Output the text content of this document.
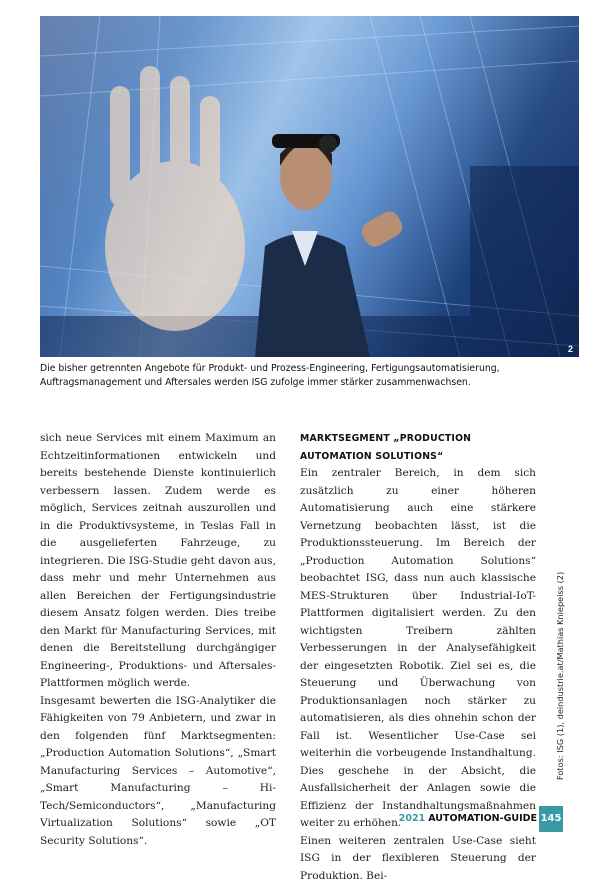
2
Die bisher getrennten Angebote für Produkt- und Prozess-Engineering, Fertigungsautomatisierung, Auftragsmanagement und Aftersales werden ISG zufolge immer stärker zusammenwachsen.

sich neue Services mit einem Maximum an Echtzeitinformationen entwickeln und bereits bestehende Dienste kontinuierlich verbessern lassen. Zudem werde es möglich, Services zeitnah auszurollen und in die Produktivsysteme, in Teslas Fall in die ausgelieferten Fahrzeuge, zu integrieren. Die ISG-Studie geht davon aus, dass mehr und mehr Unternehmen aus allen Bereichen der Fertigungsindustrie diesem Ansatz folgen werden. Dies treibe den Markt für Manufacturing Services, mit denen die Bereitstellung durchgängiger Engineering-, Produktions- und Aftersales-Plattformen möglich werde.

Insgesamt bewerten die ISG-Analytiker die Fähigkeiten von 79 Anbietern, und zwar in den folgenden fünf Marktsegmenten: „Production Automation Solutions“, „Smart Manufacturing Services – Automotive“, „Smart Manufacturing – Hi-Tech/Semiconductors“, „Manufacturing Virtualization Solutions“ sowie „OT Security Solutions“.

MARKTSEGMENT „PRODUCTION AUTOMATION SOLUTIONS“

Ein zentraler Bereich, in dem sich zusätzlich zu einer höheren Automatisierung auch eine stärkere Vernetzung beobachten lässt, ist die Produktionssteuerung. Im Bereich der „Production Automation Solutions“ beobachtet ISG, dass nun auch klassische MES-Strukturen über Industrial-IoT-Plattformen digitalisiert werden. Zu den wichtigsten Treibern zählten Verbesserungen in der Analysefähigkeit der eingesetzten Robotik. Ziel sei es, die Steuerung und Überwachung von Produktionsanlagen noch stärker zu automatisieren, als dies ohnehin schon der Fall ist. Wesentlicher Use-Case sei weiterhin die vorbeugende Instandhaltung. Dies geschehe in der Absicht, die Ausfallsicherheit der Anlagen sowie die Effizienz der Instandhaltungsmaßnahmen weiter zu erhöhen.

Einen weiteren zentralen Use-Case sieht ISG in der flexibleren Steuerung der Produktion. Bei-

Fotos: ISG (1), deindustrie.at/Mathias Kniepeiss (2)
2021 AUTOMATION-GUIDE 145
